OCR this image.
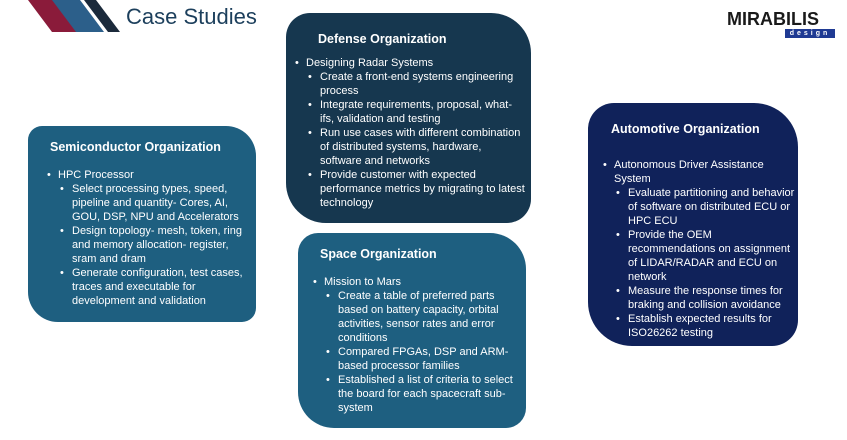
Case Studies	MIRABILIS
design
Semiconductor Organization
• HPC Processor
• Select processing types, speed, pipeline and quantity- Cores, AI, GOU, DSP, NPU and Accelerators
• Design topology- mesh, token, ring and memory allocation- register, sram and dram
• Generate configuration, test cases, traces and executable for development and validation
Defense Organization
• Designing Radar Systems
• Create a front-end systems engineering process
• Integrate requirements, proposal, what-ifs, validation and testing
• Run use cases with different combination of distributed systems, hardware, software and networks
• Provide customer with expected performance metrics by migrating to latest technology
Space Organization
• Mission to Mars
• Create a table of preferred parts based on battery capacity, orbital activities, sensor rates and error conditions
• Compared FPGAs, DSP and ARM-based processor families
• Established a list of criteria to select the board for each spacecraft sub-system
Automotive Organization
• Autonomous Driver Assistance System
• Evaluate partitioning and behavior of software on distributed ECU or HPC ECU
• Provide the OEM recommendations on assignment of LIDAR/RADAR and ECU on network
• Measure the response times for braking and collision avoidance
• Establish expected results for ISO26262 testing
